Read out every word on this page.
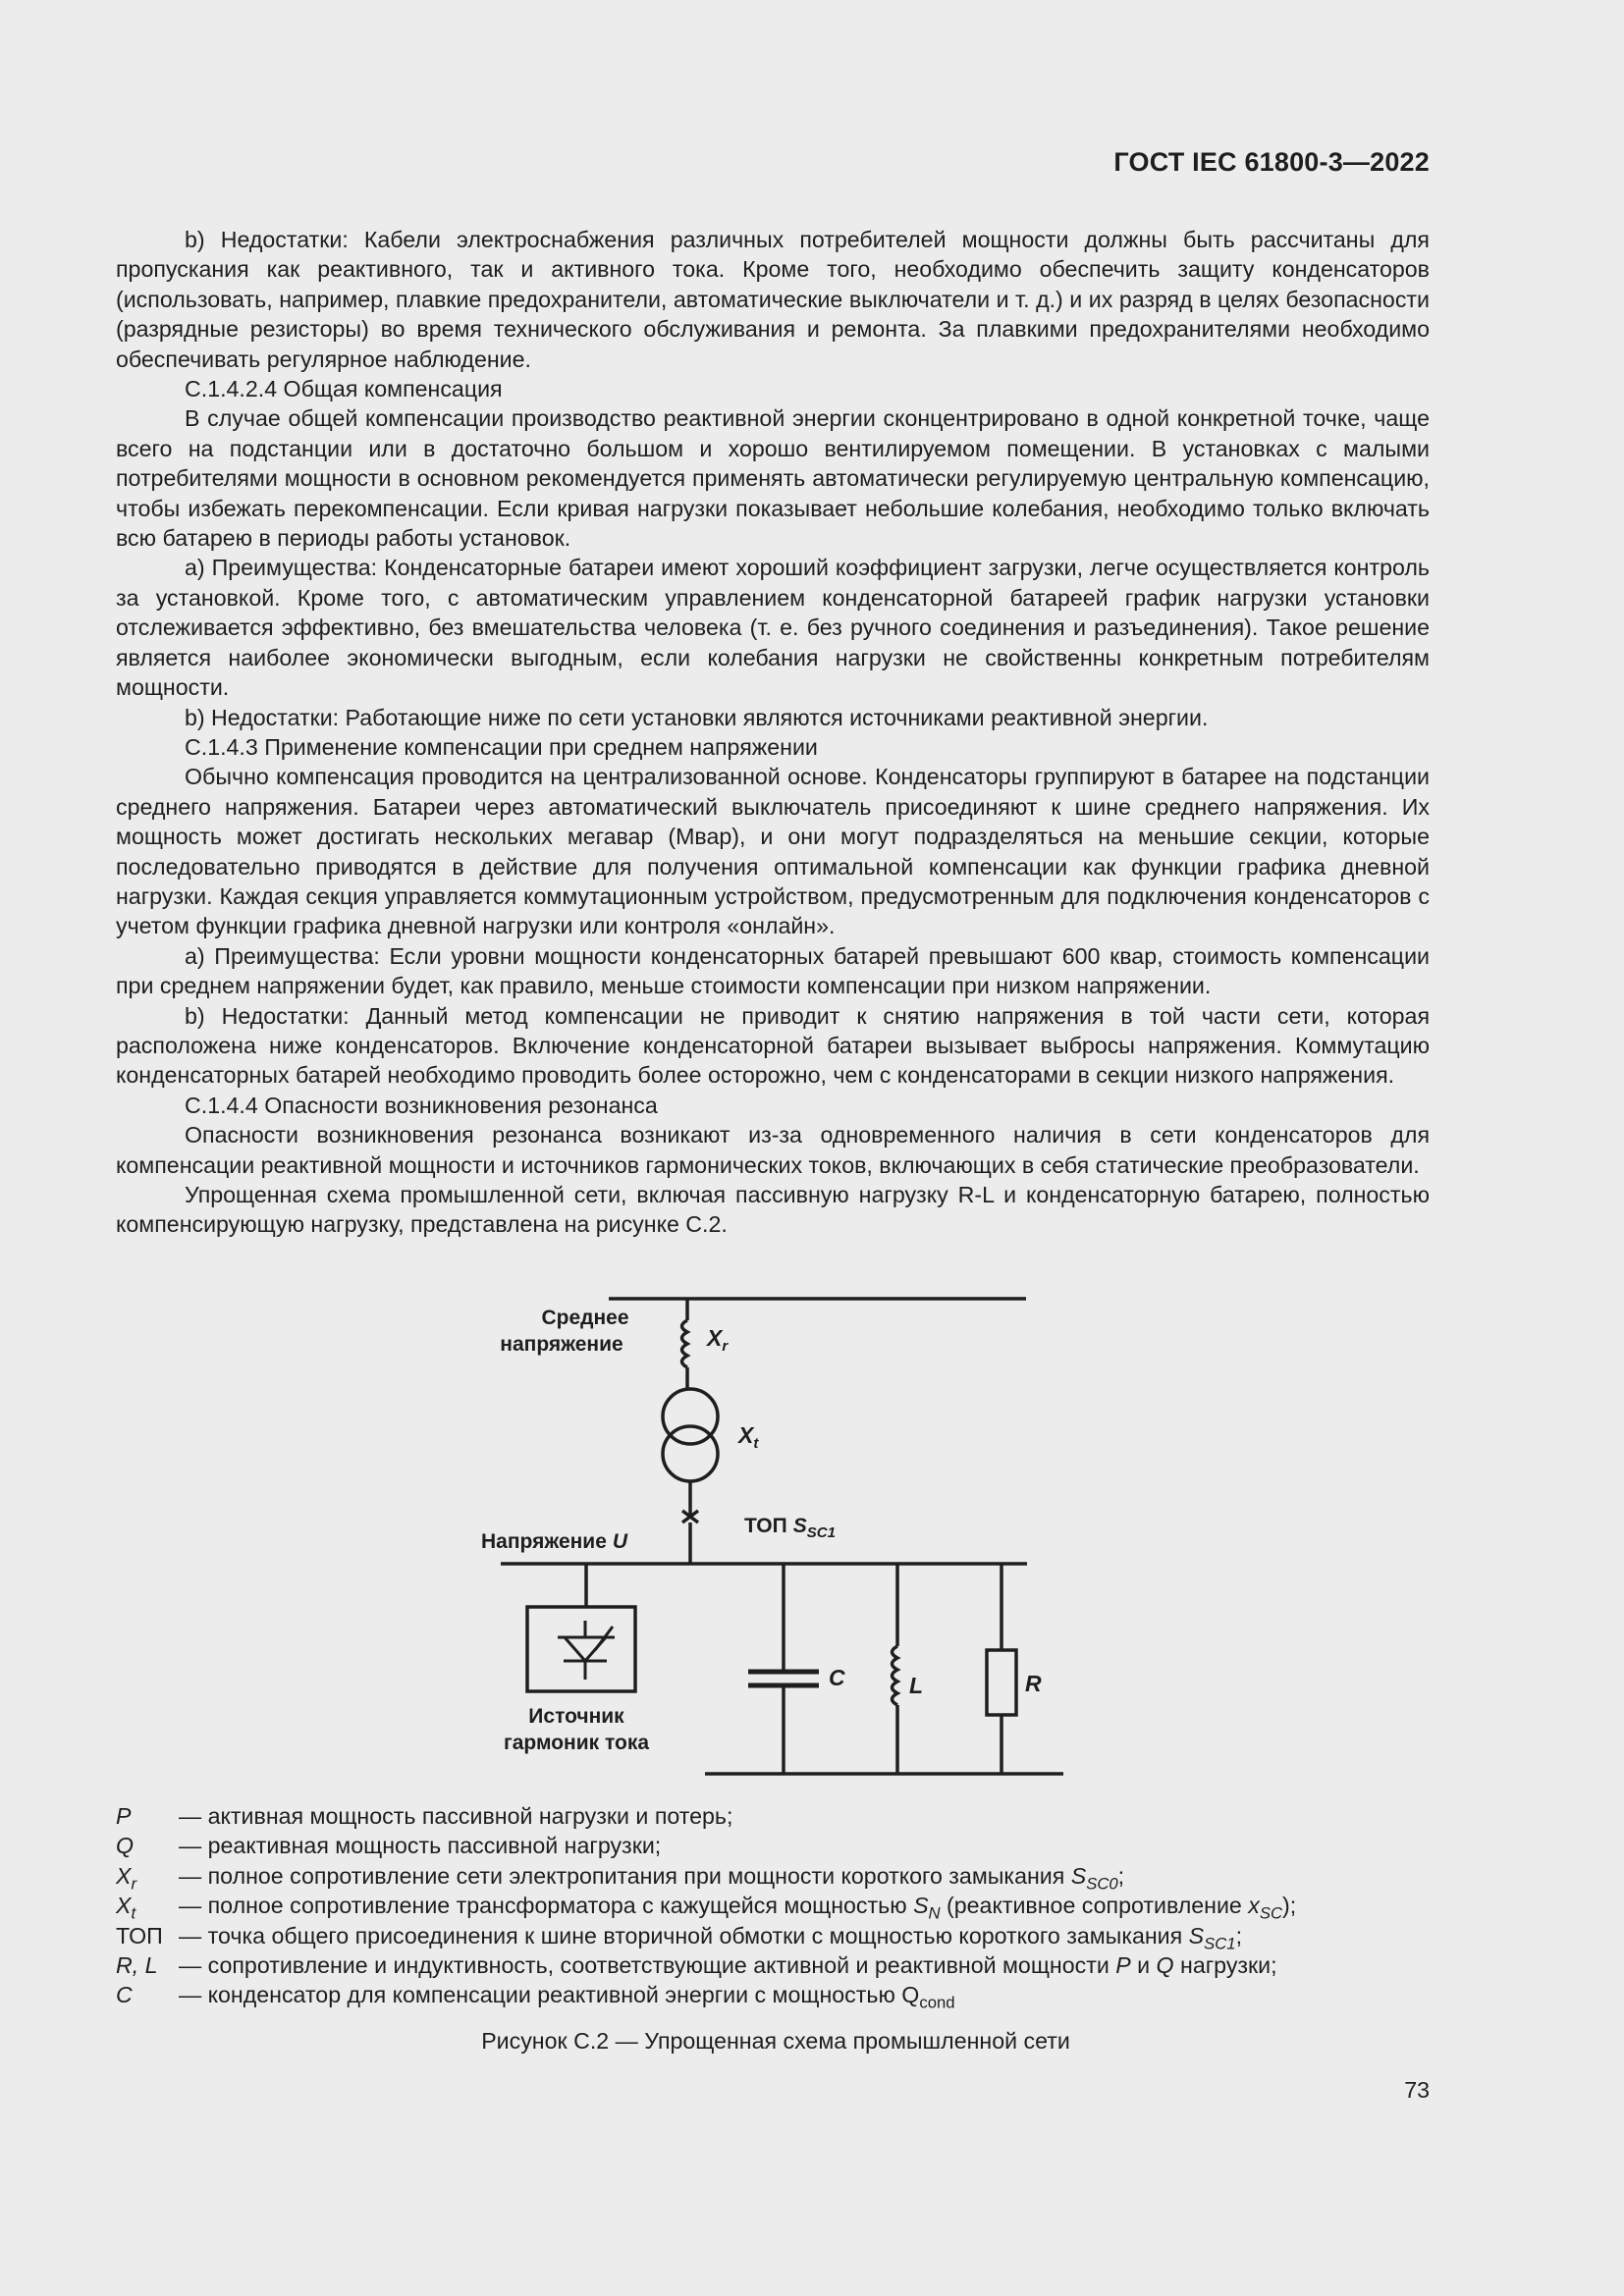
ГОСТ IEC 61800-3—2022

b) Недостатки: Кабели электроснабжения различных потребителей мощности должны быть рассчитаны для пропускания как реактивного, так и активного тока. Кроме того, необходимо обеспечить защиту конденсаторов (использовать, например, плавкие предохранители, автоматические выключатели и т. д.) и их разряд в целях безопасности (разрядные резисторы) во время технического обслуживания и ремонта. За плавкими предохранителями необходимо обеспечивать регулярное наблюдение.

С.1.4.2.4 Общая компенсация

В случае общей компенсации производство реактивной энергии сконцентрировано в одной конкретной точке, чаще всего на подстанции или в достаточно большом и хорошо вентилируемом помещении. В установках с малыми потребителями мощности в основном рекомендуется применять автоматически регулируемую центральную компенсацию, чтобы избежать перекомпенсации. Если кривая нагрузки показывает небольшие колебания, необходимо только включать всю батарею в периоды работы установок.

a) Преимущества: Конденсаторные батареи имеют хороший коэффициент загрузки, легче осуществляется контроль за установкой. Кроме того, с автоматическим управлением конденсаторной батареей график нагрузки установки отслеживается эффективно, без вмешательства человека (т. е. без ручного соединения и разъединения). Такое решение является наиболее экономически выгодным, если колебания нагрузки не свойственны конкретным потребителям мощности.

b) Недостатки: Работающие ниже по сети установки являются источниками реактивной энергии.

С.1.4.3 Применение компенсации при среднем напряжении

Обычно компенсация проводится на централизованной основе. Конденсаторы группируют в батарее на подстанции среднего напряжения. Батареи через автоматический выключатель присоединяют к шине среднего напряжения. Их мощность может достигать нескольких мегавар (Мвар), и они могут подразделяться на меньшие секции, которые последовательно приводятся в действие для получения оптимальной компенсации как функции графика дневной нагрузки. Каждая секция управляется коммутационным устройством, предусмотренным для подключения конденсаторов с учетом функции графика дневной нагрузки или контроля «онлайн».

a) Преимущества: Если уровни мощности конденсаторных батарей превышают 600 квар, стоимость компенсации при среднем напряжении будет, как правило, меньше стоимости компенсации при низком напряжении.

b) Недостатки: Данный метод компенсации не приводит к снятию напряжения в той части сети, которая расположена ниже конденсаторов. Включение конденсаторной батареи вызывает выбросы напряжения. Коммутацию конденсаторных батарей необходимо проводить более осторожно, чем с конденсаторами в секции низкого напряжения.

С.1.4.4 Опасности возникновения резонанса

Опасности возникновения резонанса возникают из-за одновременного наличия в сети конденсаторов для компенсации реактивной мощности и источников гармонических токов, включающих в себя статические преобразователи.

Упрощенная схема промышленной сети, включая пассивную нагрузку R-L и конденсаторную батарею, полностью компенсирующую нагрузку, представлена на рисунке С.2.

Среднее
напряжение	$X_r$
$X_t$
Напряжение U
ТОП $S_{SC1}$
Источник
гармоник тока
C	L	R
P	— активная мощность пассивной нагрузки и потерь;
Q	— реактивная мощность пассивной нагрузки;
$X_r$	— полное сопротивление сети электропитания при мощности короткого замыкания $S_{SC0}$;
$X_t$	— полное сопротивление трансформатора с кажущейся мощностью $S_N$ (реактивное сопротивление $x_{SC}$);
ТОП — точка общего присоединения к шине вторичной обмотки с мощностью короткого замыкания $S_{SC1}$;
R, L — сопротивление и индуктивность, соответствующие активной и реактивной мощности P и Q нагрузки;
C	— конденсатор для компенсации реактивной энергии с мощностью $Q_{cond}$
Рисунок С.2 — Упрощенная схема промышленной сети
73
